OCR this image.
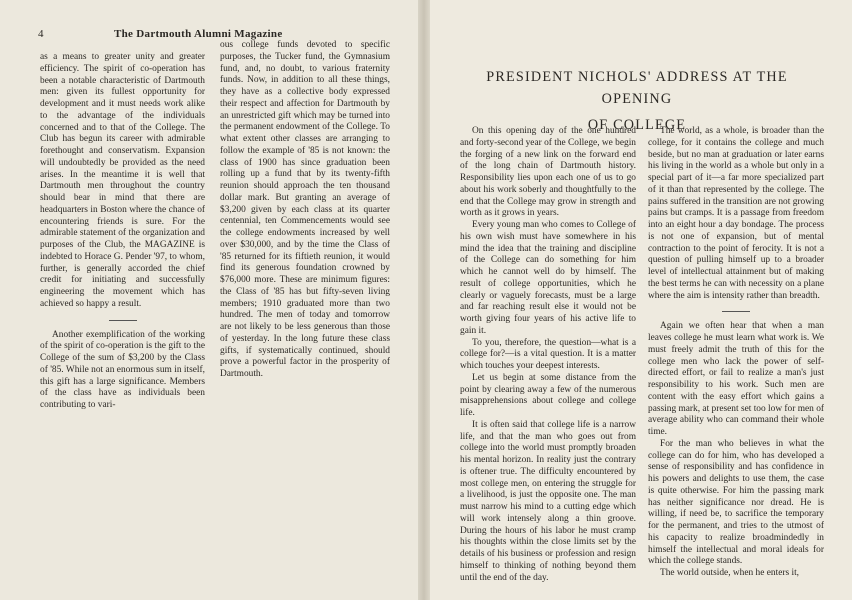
4	The Dartmouth Alumni Magazine

as a means to greater unity and greater efficiency. The spirit of co-operation has been a notable characteristic of Dartmouth men: given its fullest opportunity for development and it must needs work alike to the advantage of the individuals concerned and to that of the College. The Club has begun its career with admirable forethought and conservatism. Expansion will undoubtedly be provided as the need arises. In the meantime it is well that Dartmouth men throughout the country should bear in mind that there are headquarters in Boston where the chance of encountering friends is sure. For the admirable statement of the organization and purposes of the Club, the MAGAZINE is indebted to Horace G. Pender '97, to whom, further, is generally accorded the chief credit for initiating and successfully engineering the movement which has achieved so happy a result.

Another exemplification of the working of the spirit of co-operation is the gift to the College of the sum of $3,200 by the Class of '85. While not an enormous sum in itself, this gift has a large significance. Members of the class have as individuals been contributing to vari-

ous college funds devoted to specific purposes, the Tucker fund, the Gymnasium fund, and, no doubt, to various fraternity funds. Now, in addition to all these things, they have as a collective body expressed their respect and affection for Dartmouth by an unrestricted gift which may be turned into the permanent endowment of the College. To what extent other classes are arranging to follow the example of '85 is not known: the class of 1900 has since graduation been rolling up a fund that by its twenty-fifth reunion should approach the ten thousand dollar mark. But granting an average of $3,200 given by each class at its quarter centennial, ten Commencements would see the college endowments increased by well over $30,000, and by the time the Class of '85 returned for its fiftieth reunion, it would find its generous foundation crowned by $76,000 more. These are minimum figures: the Class of '85 has but fifty-seven living members; 1910 graduated more than two hundred. The men of today and tomorrow are not likely to be less generous than those of yesterday. In the long future these class gifts, if systematically continued, should prove a powerful factor in the prosperity of Dartmouth.

PRESIDENT NICHOLS' ADDRESS AT THE OPENING
OF COLLEGE

On this opening day of the one hundred and forty-second year of the College, we begin the forging of a new link on the forward end of the long chain of Dartmouth history. Responsibility lies upon each one of us to go about his work soberly and thoughtfully to the end that the College may grow in strength and worth as it grows in years.

Every young man who comes to College of his own wish must have somewhere in his mind the idea that the training and discipline of the College can do something for him which he cannot well do by himself. The result of college opportunities, which he clearly or vaguely forecasts, must be a large and far reaching result else it would not be worth giving four years of his active life to gain it.

To you, therefore, the question—what is a college for?—is a vital question. It is a matter which touches your deepest interests.

Let us begin at some distance from the point by clearing away a few of the numerous misapprehensions about college and college life.

It is often said that college life is a narrow life, and that the man who goes out from college into the world must promptly broaden his mental horizon. In reality just the contrary is oftener true. The difficulty encountered by most college men, on entering the struggle for a livelihood, is just the opposite one. The man must narrow his mind to a cutting edge which will work intensely along a thin groove. During the hours of his labor he must cramp his thoughts within the close limits set by the details of his business or profession and resign himself to thinking of nothing beyond them until the end of the day.

The world, as a whole, is broader than the college, for it contains the college and much beside, but no man at graduation or later earns his living in the world as a whole but only in a special part of it—a far more specialized part of it than that represented by the college. The pains suffered in the transition are not growing pains but cramps. It is a passage from freedom into an eight hour a day bondage. The process is not one of expansion, but of mental contraction to the point of ferocity. It is not a question of pulling himself up to a broader level of intellectual attainment but of making the best terms he can with necessity on a plane where the aim is intensity rather than breadth.

Again we often hear that when a man leaves college he must learn what work is. We must freely admit the truth of this for the college men who lack the power of self-directed effort, or fail to realize a man's just responsibility to his work. Such men are content with the easy effort which gains a passing mark, at present set too low for men of average ability who can command their whole time.

For the man who believes in what the college can do for him, who has developed a sense of responsibility and has confidence in his powers and delights to use them, the case is quite otherwise. For him the passing mark has neither significance nor dread. He is willing, if need be, to sacrifice the temporary for the permanent, and tries to the utmost of his capacity to realize broadmindedly in himself the intellectual and moral ideals for which the college stands.

The world outside, when he enters it,
